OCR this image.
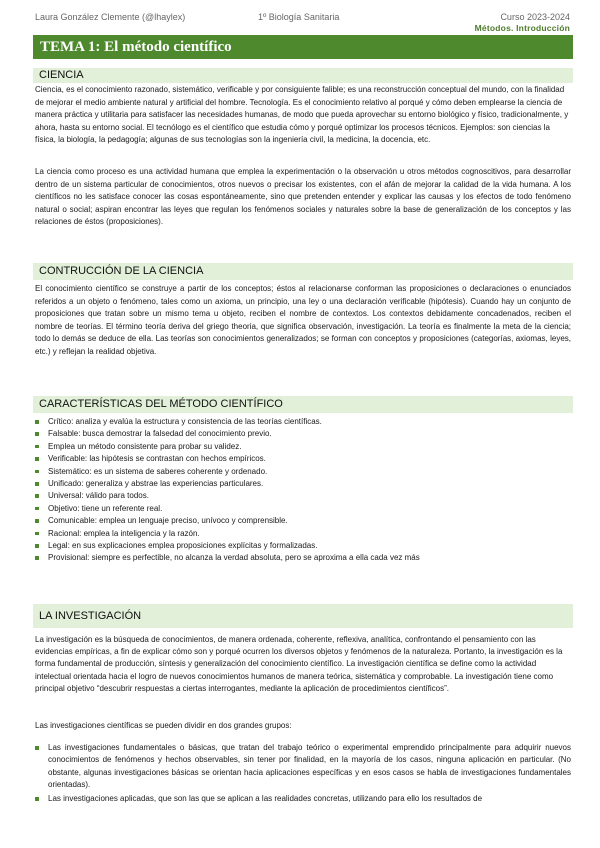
Laura González Clemente (@lhaylex)	1º Biología Sanitaria	Curso 2023-2024
Métodos. Introducción
TEMA 1: El método científico
CIENCIA

Ciencia, es el conocimiento razonado, sistemático, verificable y por consiguiente falible; es una reconstrucción conceptual del mundo, con la finalidad de mejorar el medio ambiente natural y artificial del hombre. Tecnología. Es el conocimiento relativo al porqué y cómo deben emplearse la ciencia de manera práctica y utilitaria para satisfacer las necesidades humanas, de modo que pueda aprovechar su entorno biológico y físico, tradicionalmente, y ahora, hasta su entorno social. El tecnólogo es el científico que estudia cómo y porqué optimizar los procesos técnicos. Ejemplos: son ciencias la física, la biología, la pedagogía; algunas de sus tecnologías son la ingeniería civil, la medicina, la docencia, etc.

La ciencia como proceso es una actividad humana que emplea la experimentación o la observación u otros métodos cognoscitivos, para desarrollar dentro de un sistema particular de conocimientos, otros nuevos o precisar los existentes, con el afán de mejorar la calidad de la vida humana. A los científicos no les satisface conocer las cosas espontáneamente, sino que pretenden entender y explicar las causas y los efectos de todo fenómeno natural o social; aspiran encontrar las leyes que regulan los fenómenos sociales y naturales sobre la base de generalización de los conceptos y las relaciones de éstos (proposiciones).

CONTRUCCIÓN DE LA CIENCIA

El conocimiento científico se construye a partir de los conceptos; éstos al relacionarse conforman las proposiciones o declaraciones o enunciados referidos a un objeto o fenómeno, tales como un axioma, un principio, una ley o una declaración verificable (hipótesis). Cuando hay un conjunto de proposiciones que tratan sobre un mismo tema u objeto, reciben el nombre de contextos. Los contextos debidamente concadenados, reciben el nombre de teorías. El término teoría deriva del griego theoria, que significa observación, investigación. La teoría es finalmente la meta de la ciencia; todo lo demás se deduce de ella. Las teorías son conocimientos generalizados; se forman con conceptos y proposiciones (categorías, axiomas, leyes, etc.) y reflejan la realidad objetiva.

CARACTERÍSTICAS DEL MÉTODO CIENTÍFICO
Crítico: analiza y evalúa la estructura y consistencia de las teorías científicas.
Falsable: busca demostrar la falsedad del conocimiento previo.
Emplea un método consistente para probar su validez.
Verificable: las hipótesis se contrastan con hechos empíricos.
Sistemático: es un sistema de saberes coherente y ordenado.
Unificado: generaliza y abstrae las experiencias particulares.
Universal: válido para todos.
Objetivo: tiene un referente real.
Comunicable: emplea un lenguaje preciso, unívoco y comprensible.
Racional: emplea la inteligencia y la razón.
Legal: en sus explicaciones emplea proposiciones explícitas y formalizadas.
Provisional: siempre es perfectible, no alcanza la verdad absoluta, pero se aproxima a ella cada vez más
LA INVESTIGACIÓN

La investigación es la búsqueda de conocimientos, de manera ordenada, coherente, reflexiva, analítica, confrontando el pensamiento con las evidencias empíricas, a fin de explicar cómo son y porqué ocurren los diversos objetos y fenómenos de la naturaleza. Portanto, la investigación es la forma fundamental de producción, síntesis y generalización del conocimiento científico. La investigación científica se define como la actividad intelectual orientada hacia el logro de nuevos conocimientos humanos de manera teórica, sistemática y comprobable. La investigación tiene como principal objetivo “descubrir respuestas a ciertas interrogantes, mediante la aplicación de procedimientos científicos”.

Las investigaciones científicas se pueden dividir en dos grandes grupos:

Las investigaciones fundamentales o básicas, que tratan del trabajo teórico o experimental emprendido principalmente para adquirir nuevos conocimientos de fenómenos y hechos observables, sin tener por finalidad, en la mayoría de los casos, ninguna aplicación en particular. (No obstante, algunas investigaciones básicas se orientan hacia aplicaciones específicas y en esos casos se habla de investigaciones fundamentales orientadas).
Las investigaciones aplicadas, que son las que se aplican a las realidades concretas, utilizando para ello los resultados de
